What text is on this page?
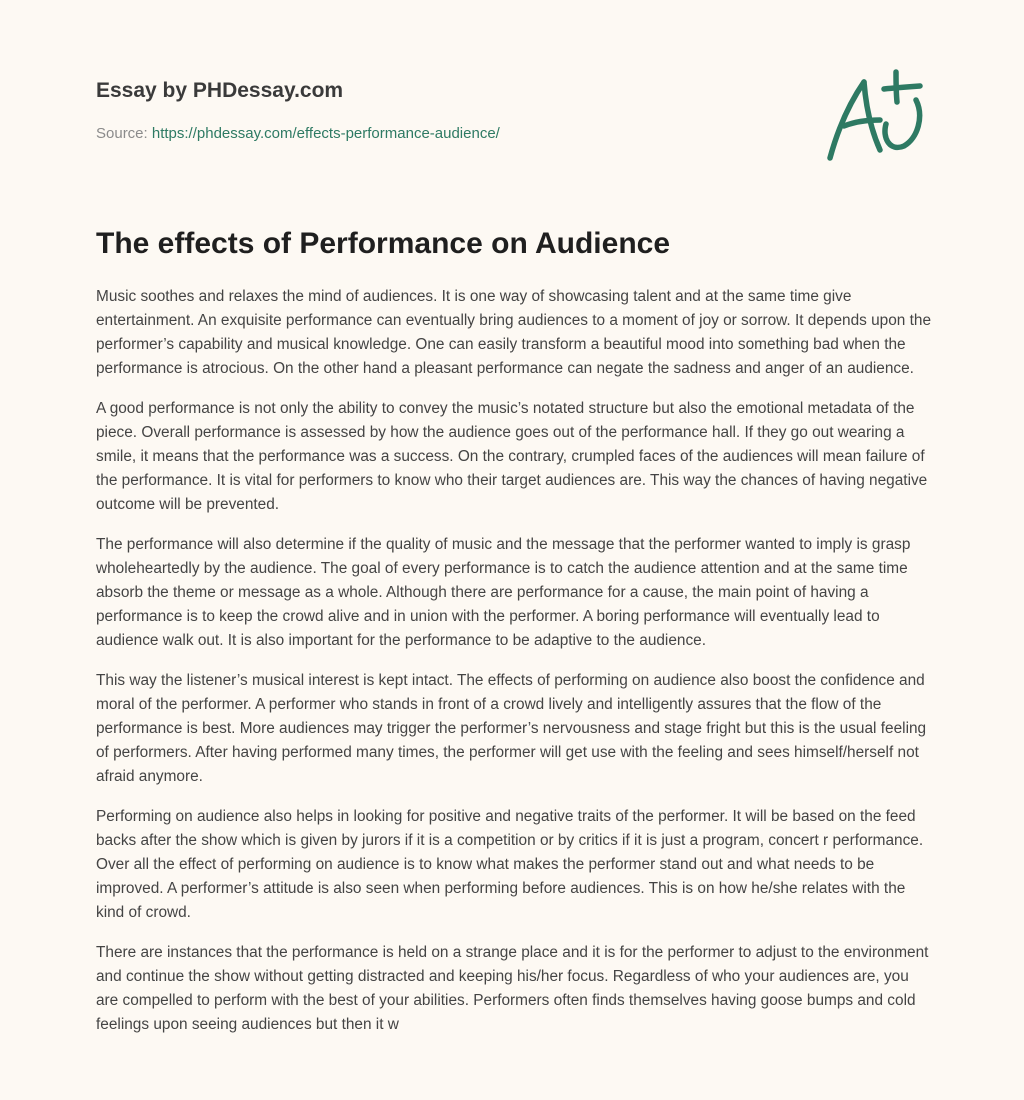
Essay by PHDessay.com
Source: https://phdessay.com/effects-performance-audience/
The effects of Performance on Audience

Music soothes and relaxes the mind of audiences. It is one way of showcasing talent and at the same time give entertainment. An exquisite performance can eventually bring audiences to a moment of joy or sorrow. It depends upon the performer’s capability and musical knowledge. One can easily transform a beautiful mood into something bad when the performance is atrocious. On the other hand a pleasant performance can negate the sadness and anger of an audience.

A good performance is not only the ability to convey the music’s notated structure but also the emotional metadata of the piece. Overall performance is assessed by how the audience goes out of the performance hall. If they go out wearing a smile, it means that the performance was a success. On the contrary, crumpled faces of the audiences will mean failure of the performance. It is vital for performers to know who their target audiences are. This way the chances of having negative outcome will be prevented.

The performance will also determine if the quality of music and the message that the performer wanted to imply is grasp wholeheartedly by the audience. The goal of every performance is to catch the audience attention and at the same time absorb the theme or message as a whole. Although there are performance for a cause, the main point of having a performance is to keep the crowd alive and in union with the performer. A boring performance will eventually lead to audience walk out. It is also important for the performance to be adaptive to the audience.

This way the listener’s musical interest is kept intact. The effects of performing on audience also boost the confidence and moral of the performer. A performer who stands in front of a crowd lively and intelligently assures that the flow of the performance is best. More audiences may trigger the performer’s nervousness and stage fright but this is the usual feeling of performers. After having performed many times, the performer will get use with the feeling and sees himself/herself not afraid anymore.

Performing on audience also helps in looking for positive and negative traits of the performer. It will be based on the feed backs after the show which is given by jurors if it is a competition or by critics if it is just a program, concert r performance. Over all the effect of performing on audience is to know what makes the performer stand out and what needs to be improved. A performer’s attitude is also seen when performing before audiences. This is on how he/she relates with the kind of crowd.

There are instances that the performance is held on a strange place and it is for the performer to adjust to the environment and continue the show without getting distracted and keeping his/her focus. Regardless of who your audiences are, you are compelled to perform with the best of your abilities. Performers often finds themselves having goose bumps and cold feelings upon seeing audiences but then it w
